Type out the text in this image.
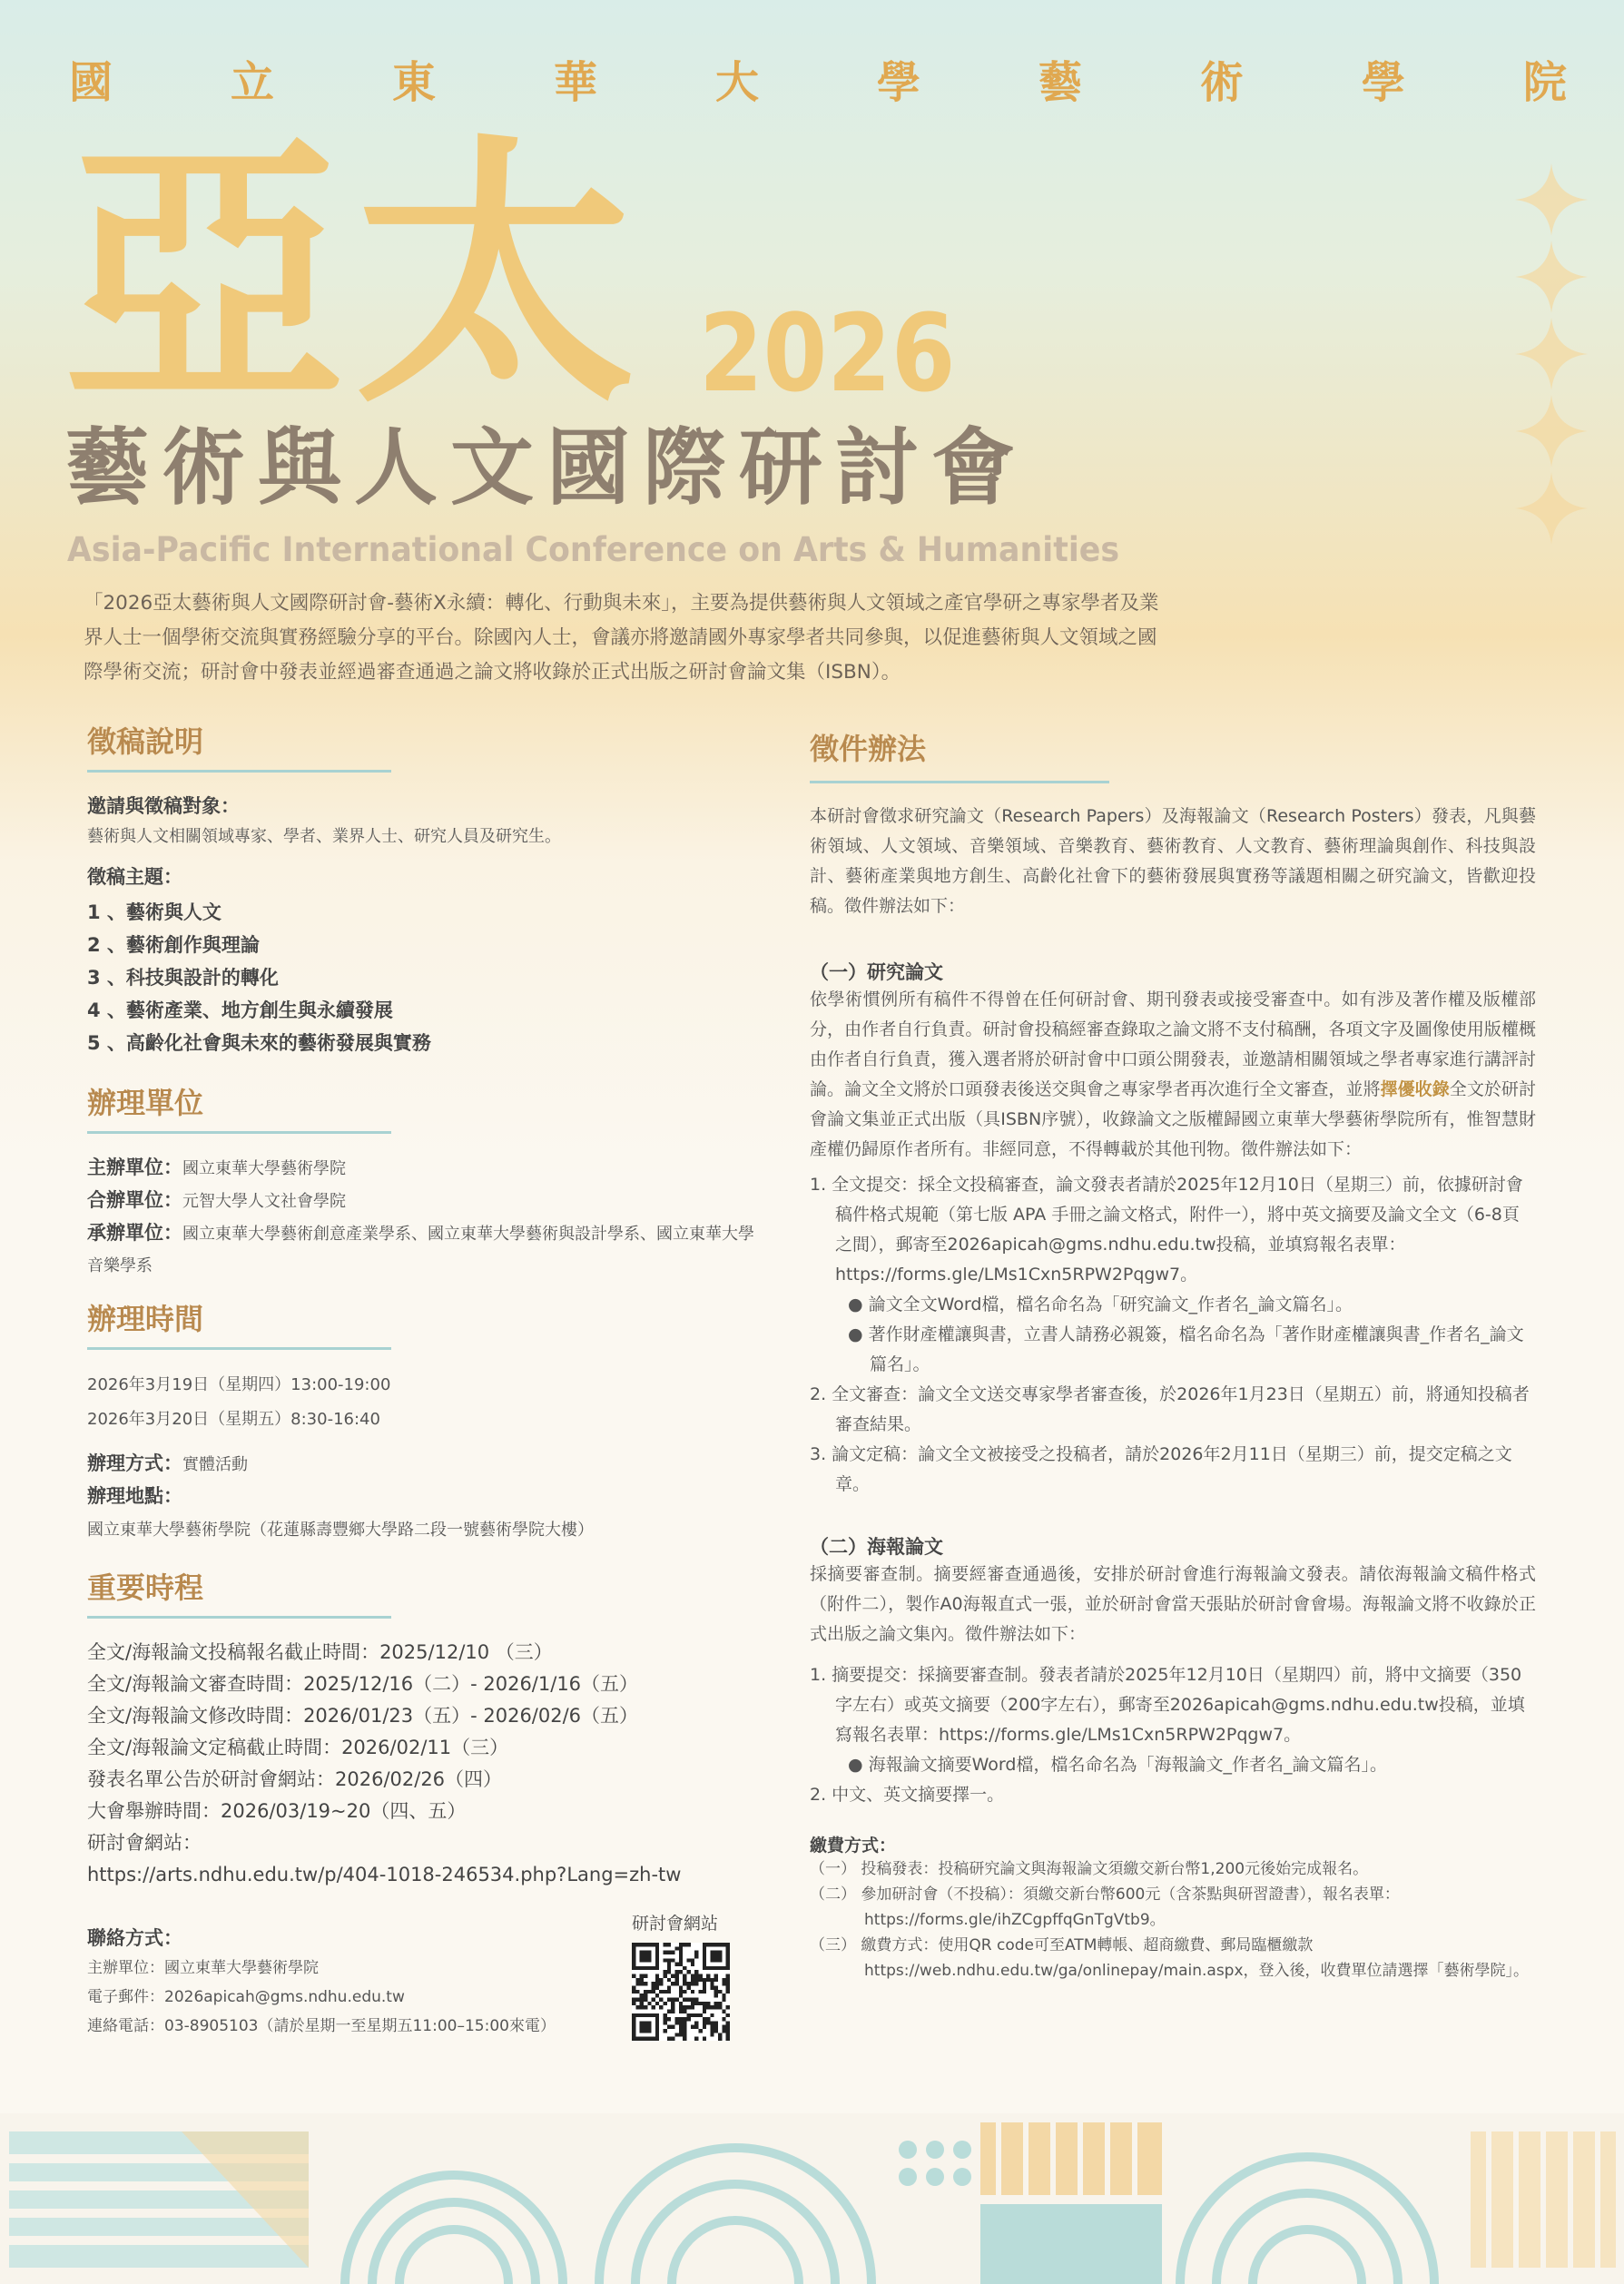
國	立	東	華	大	學	藝	術	學	院
亞太 2026
藝術與人文國際研討會
Asia-Pacific International Conference on Arts & Humanities
「2026亞太藝術與人文國際研討會-藝術X永續：轉化、行動與未來」，主要為提供藝術與人文領域之產官學研之專家學者及業界人士一個學術交流與實務經驗分享的平台。除國內人士，會議亦將邀請國外專家學者共同參與，以促進藝術與人文領域之國際學術交流；研討會中發表並經過審查通過之論文將收錄於正式出版之研討會論文集（ISBN）。
徵稿說明
邀請與徵稿對象：
藝術與人文相關領域專家、學者、業界人士、研究人員及研究生。
徵稿主題：
1 、藝術與人文
2 、藝術創作與理論
3 、科技與設計的轉化
4 、藝術產業、地方創生與永續發展
5 、高齡化社會與未來的藝術發展與實務
辦理單位
主辦單位：國立東華大學藝術學院
合辦單位：元智大學人文社會學院
承辦單位：國立東華大學藝術創意產業學系、國立東華大學藝術與設計學系、國立東華大學音樂學系
辦理時間
2026年3月19日（星期四）13:00-19:00
2026年3月20日（星期五）8:30-16:40
辦理方式：實體活動
辦理地點：
國立東華大學藝術學院（花蓮縣壽豐鄉大學路二段一號藝術學院大樓）
重要時程
全文/海報論文投稿報名截止時間：2025/12/10 （三）
全文/海報論文審查時間：2025/12/16（二）- 2026/1/16（五）
全文/海報論文修改時間：2026/01/23（五）- 2026/02/6（五）
全文/海報論文定稿截止時間：2026/02/11（三）
發表名單公告於研討會網站：2026/02/26（四）
大會舉辦時間：2026/03/19~20（四、五）
研討會網站：
https://arts.ndhu.edu.tw/p/404-1018-246534.php?Lang=zh-tw
聯絡方式：
主辦單位：國立東華大學藝術學院
電子郵件：2026apicah@gms.ndhu.edu.tw
連絡電話：03-8905103（請於星期一至星期五11:00–15:00來電）
研討會網站
徵件辦法

本研討會徵求研究論文（Research Papers）及海報論文（Research Posters）發表，凡與藝術領域、人文領域、音樂領域、音樂教育、藝術教育、人文教育、藝術理論與創作、科技與設計、藝術產業與地方創生、高齡化社會下的藝術發展與實務等議題相關之研究論文，皆歡迎投稿。徵件辦法如下：

（一）研究論文

依學術慣例所有稿件不得曾在任何研討會、期刊發表或接受審查中。如有涉及著作權及版權部分，由作者自行負責。研討會投稿經審查錄取之論文將不支付稿酬，各項文字及圖像使用版權概由作者自行負責，獲入選者將於研討會中口頭公開發表，並邀請相關領域之學者專家進行講評討論。論文全文將於口頭發表後送交與會之專家學者再次進行全文審查，並將擇優收錄全文於研討會論文集並正式出版（具ISBN序號），收錄論文之版權歸國立東華大學藝術學院所有，惟智慧財產權仍歸原作者所有。非經同意，不得轉載於其他刊物。徵件辦法如下：

1. 全文提交：採全文投稿審查，論文發表者請於2025年12月10日（星期三）前，依據研討會稿件格式規範（第七版 APA 手冊之論文格式，附件一），將中英文摘要及論文全文（6-8頁之間），郵寄至2026apicah@gms.ndhu.edu.tw投稿，並填寫報名表單：https://forms.gle/LMs1Cxn5RPW2Pqgw7。
● 論文全文Word檔，檔名命名為「研究論文_作者名_論文篇名」。
● 著作財產權讓與書，立書人請務必親簽，檔名命名為「著作財產權讓與書_作者名_論文篇名」。
2. 全文審查：論文全文送交專家學者審查後，於2026年1月23日（星期五）前，將通知投稿者審查結果。
3. 論文定稿：論文全文被接受之投稿者，請於2026年2月11日（星期三）前，提交定稿之文章。
（二）海報論文

採摘要審查制。摘要經審查通過後，安排於研討會進行海報論文發表。請依海報論文稿件格式（附件二），製作A0海報直式一張，並於研討會當天張貼於研討會會場。海報論文將不收錄於正式出版之論文集內。徵件辦法如下：

1. 摘要提交：採摘要審查制。發表者請於2025年12月10日（星期四）前，將中文摘要（350字左右）或英文摘要（200字左右），郵寄至2026apicah@gms.ndhu.edu.tw投稿，並填寫報名表單：https://forms.gle/LMs1Cxn5RPW2Pqgw7。
● 海報論文摘要Word檔，檔名命名為「海報論文_作者名_論文篇名」。
2. 中文、英文摘要擇一。
繳費方式：
（一） 投稿發表：投稿研究論文與海報論文須繳交新台幣1,200元後始完成報名。
（二） 參加研討會（不投稿）：須繳交新台幣600元（含茶點與研習證書），報名表單：https://forms.gle/ihZCgpffqGnTgVtb9。
（三） 繳費方式：使用QR code可至ATM轉帳、超商繳費、郵局臨櫃繳款 https://web.ndhu.edu.tw/ga/onlinepay/main.aspx，登入後，收費單位請選擇「藝術學院」。
